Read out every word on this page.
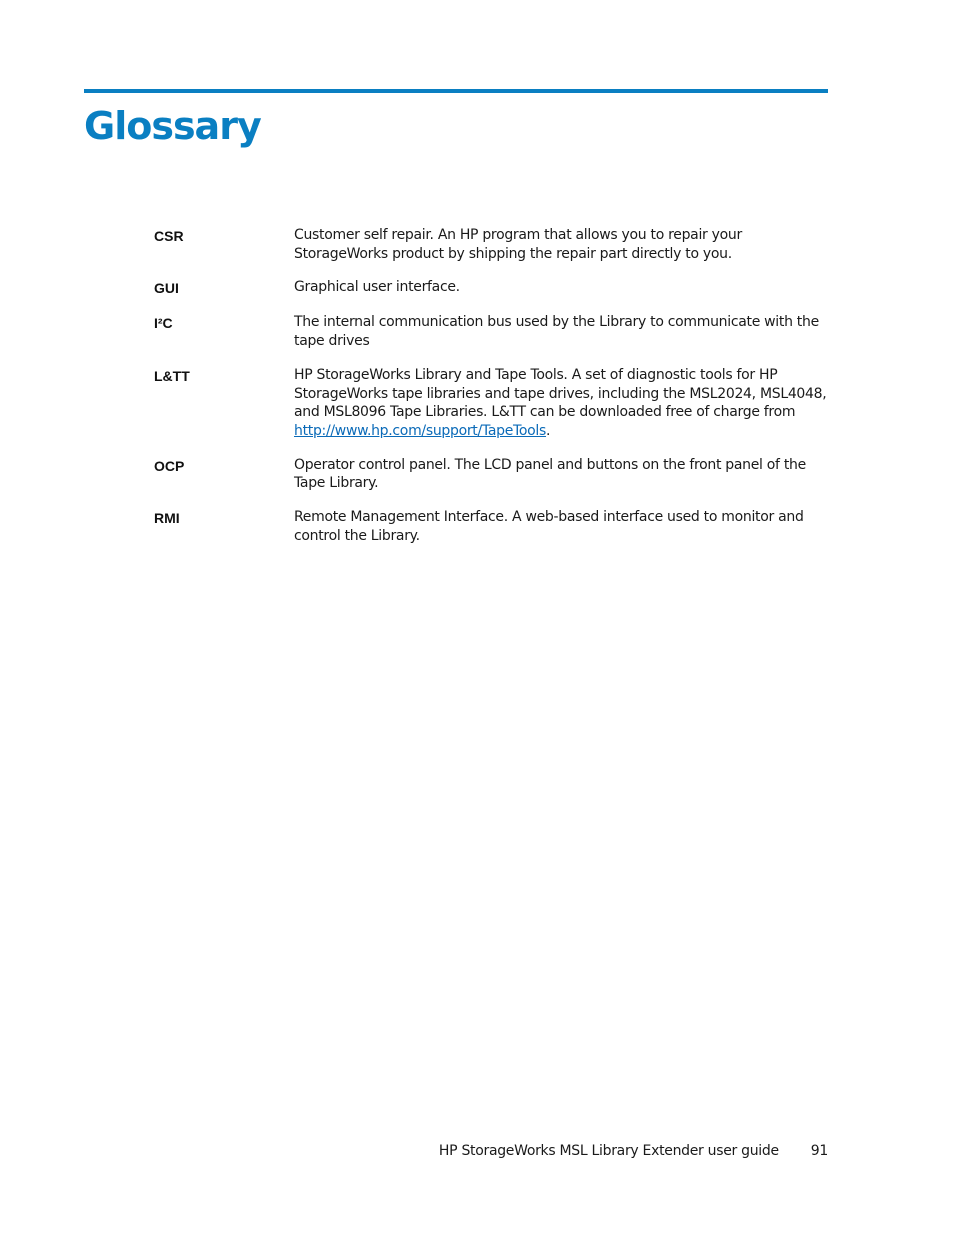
Glossary
CSR	Customer self repair. An HP program that allows you to repair your StorageWorks product by shipping the repair part directly to you.
GUI	Graphical user interface.
I²C	The internal communication bus used by the Library to communicate with the tape drives
L&TT	HP StorageWorks Library and Tape Tools. A set of diagnostic tools for HP StorageWorks tape libraries and tape drives, including the MSL2024, MSL4048, and MSL8096 Tape Libraries. L&TT can be downloaded free of charge from http://www.hp.com/support/TapeTools.
OCP	Operator control panel. The LCD panel and buttons on the front panel of the Tape Library.
RMI	Remote Management Interface. A web-based interface used to monitor and control the Library.
HP StorageWorks MSL Library Extender user guide 91
